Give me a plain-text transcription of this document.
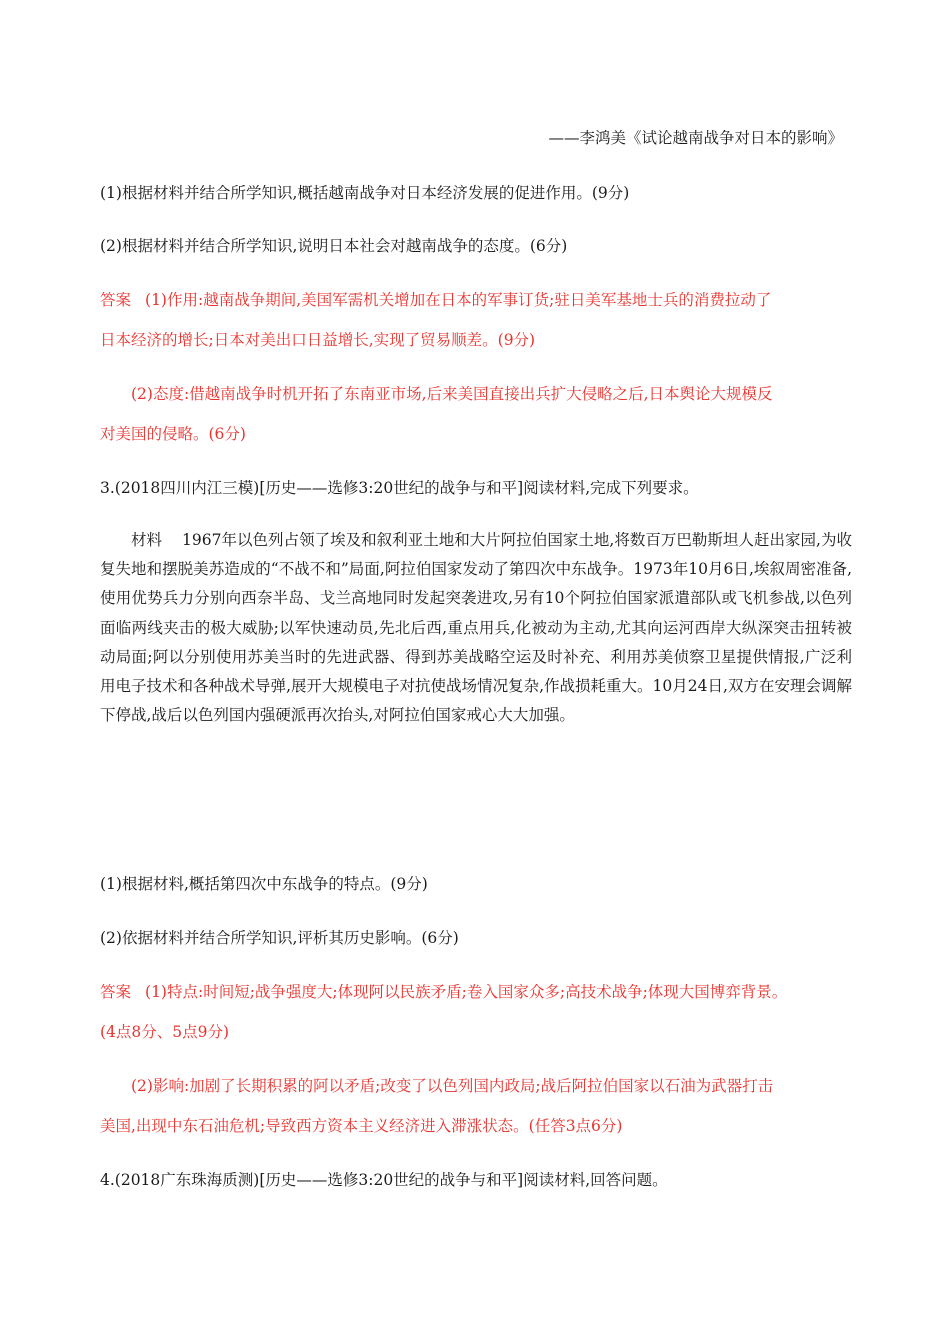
——李鸿美《试论越南战争对日本的影响》
(1)根据材料并结合所学知识,概括越南战争对日本经济发展的促进作用。(9分)
(2)根据材料并结合所学知识,说明日本社会对越南战争的态度。(6分)
答案 (1)作用:越南战争期间,美国军需机关增加在日本的军事订货;驻日美军基地士兵的消费拉动了
日本经济的增长;日本对美出口日益增长,实现了贸易顺差。(9分)
(2)态度:借越南战争时机开拓了东南亚市场,后来美国直接出兵扩大侵略之后,日本舆论大规模反
对美国的侵略。(6分)
3.(2018四川内江三模)[历史——选修3:20世纪的战争与和平]阅读材料,完成下列要求。
材料 1967年以色列占领了埃及和叙利亚土地和大片阿拉伯国家土地,将数百万巴勒斯坦人赶出家园,为收复失地和摆脱美苏造成的“不战不和”局面,阿拉伯国家发动了第四次中东战争。1973年10月6日,埃叙周密准备,使用优势兵力分别向西奈半岛、戈兰高地同时发起突袭进攻,另有10个阿拉伯国家派遣部队或飞机参战,以色列面临两线夹击的极大威胁;以军快速动员,先北后西,重点用兵,化被动为主动,尤其向运河西岸大纵深突击扭转被动局面;阿以分别使用苏美当时的先进武器、得到苏美战略空运及时补充、利用苏美侦察卫星提供情报,广泛利用电子技术和各种战术导弹,展开大规模电子对抗使战场情况复杂,作战损耗重大。10月24日,双方在安理会调解下停战,战后以色列国内强硬派再次抬头,对阿拉伯国家戒心大大加强。
(1)根据材料,概括第四次中东战争的特点。(9分)
(2)依据材料并结合所学知识,评析其历史影响。(6分)
答案 (1)特点:时间短;战争强度大;体现阿以民族矛盾;卷入国家众多;高技术战争;体现大国博弈背景。
(4点8分、5点9分)
(2)影响:加剧了长期积累的阿以矛盾;改变了以色列国内政局;战后阿拉伯国家以石油为武器打击
美国,出现中东石油危机;导致西方资本主义经济进入滞涨状态。(任答3点6分)
4.(2018广东珠海质测)[历史——选修3:20世纪的战争与和平]阅读材料,回答问题。
